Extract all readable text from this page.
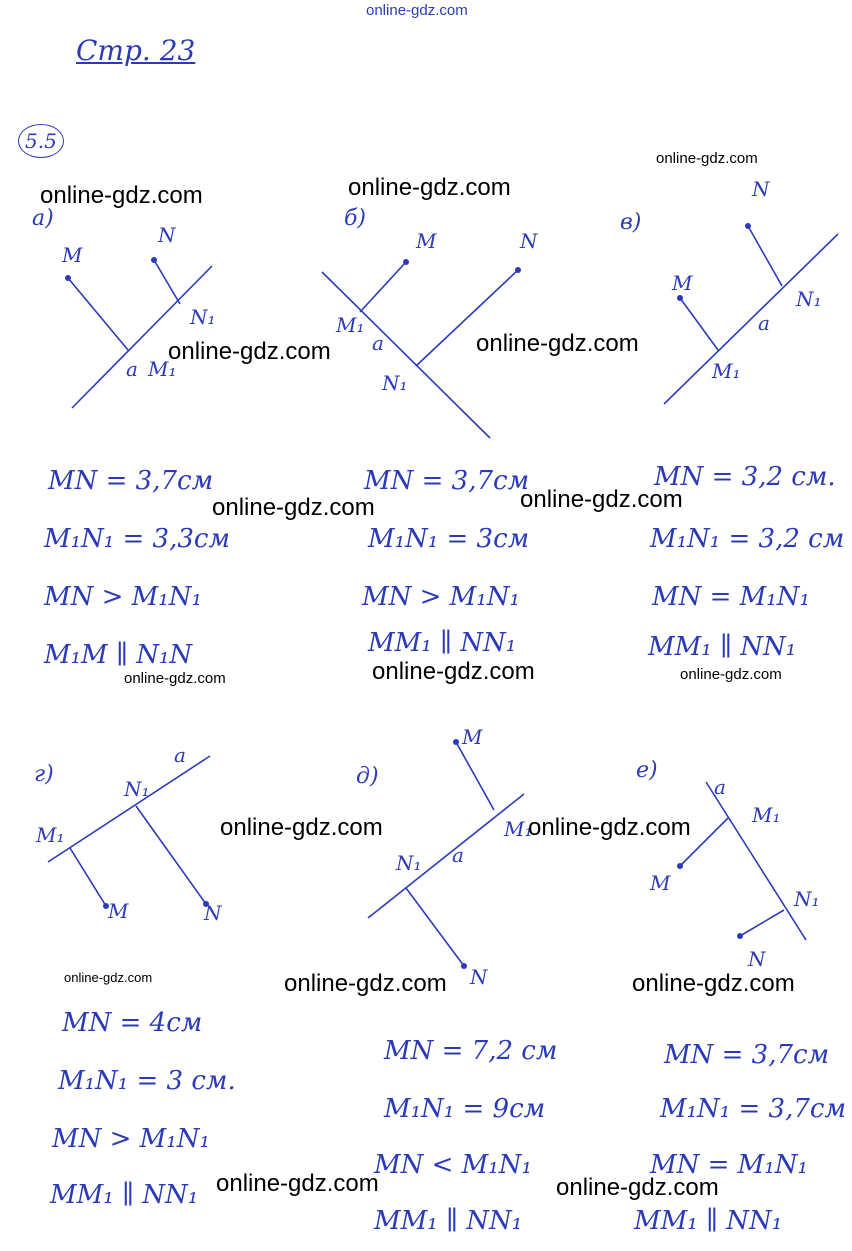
online-gdz.com
Стр. 23
5.5
M
N
N₁
a M₁
M	N
M₁
a
N₁
N
M
N₁
a
M₁
N₁
a
M₁
M	N
M
M₁
N₁ a
N
a
M₁
M
N₁
N
а)	б)	в)
г)	д)	е)
MN = 3,7см
M₁N₁ = 3,3см
MN > M₁N₁
M₁M ∥ N₁N
MN = 3,7см
M₁N₁ = 3см
MN > M₁N₁
MM₁ ∥ NN₁
MN = 3,2 см.
M₁N₁ = 3,2 см
MN = M₁N₁
MM₁ ∥ NN₁
MN = 4см
M₁N₁ = 3 см.
MN > M₁N₁
MM₁ ∥ NN₁
MN = 7,2 см
M₁N₁ = 9см
MN < M₁N₁
MM₁ ∥ NN₁
MN = 3,7см
M₁N₁ = 3,7см
MN = M₁N₁
MM₁ ∥ NN₁
online-gdz.com	online-gdz.com
online-gdz.com
online-gdz.com	online-gdz.com
online-gdz.com	online-gdz.com
online-gdz.com	online-gdz.com	online-gdz.com
online-gdz.com	online-gdz.com
online-gdz.com	online-gdz.com	online-gdz.com
online-gdz.com	online-gdz.com
